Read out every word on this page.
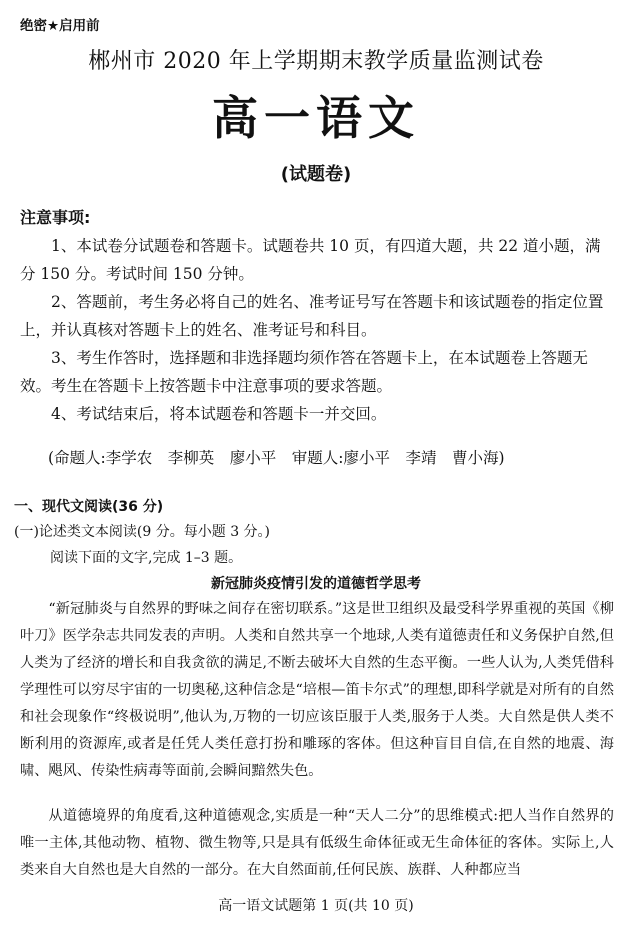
绝密★启用前
郴州市 2020 年上学期期末教学质量监测试卷
高一语文
(试题卷)
注意事项:
1、本试卷分试题卷和答题卡。试题卷共 10 页，有四道大题，共 22 道小题，满分 150 分。考试时间 150 分钟。
2、答题前，考生务必将自己的姓名、准考证号写在答题卡和该试题卷的指定位置上，并认真核对答题卡上的姓名、准考证号和科目。
3、考生作答时，选择题和非选择题均须作答在答题卡上，在本试题卷上答题无效。考生在答题卡上按答题卡中注意事项的要求答题。
4、考试结束后，将本试题卷和答题卡一并交回。
(命题人:李学农　李柳英　廖小平　审题人:廖小平　李靖　曹小海)
一、现代文阅读(36 分)
(一)论述类文本阅读(9 分。每小题 3 分。)
阅读下面的文字,完成 1–3 题。
新冠肺炎疫情引发的道德哲学思考
“新冠肺炎与自然界的野味之间存在密切联系。”这是世卫组织及最受科学界重视的英国《柳叶刀》医学杂志共同发表的声明。人类和自然共享一个地球,人类有道德责任和义务保护自然,但人类为了经济的增长和自我贪欲的满足,不断去破坏大自然的生态平衡。一些人认为,人类凭借科学理性可以穷尽宇宙的一切奥秘,这种信念是“培根—笛卡尔式”的理想,即科学就是对所有的自然和社会现象作“终极说明”,他认为,万物的一切应该臣服于人类,服务于人类。大自然是供人类不断利用的资源库,或者是任凭人类任意打扮和雕琢的客体。但这种盲目自信,在自然的地震、海啸、飓风、传染性病毒等面前,会瞬间黯然失色。
从道德境界的角度看,这种道德观念,实质是一种“天人二分”的思维模式:把人当作自然界的唯一主体,其他动物、植物、微生物等,只是具有低级生命体征或无生命体征的客体。实际上,人类来自大自然也是大自然的一部分。在大自然面前,任何民族、族群、人种都应当
高一语文试题第 1 页(共 10 页)
